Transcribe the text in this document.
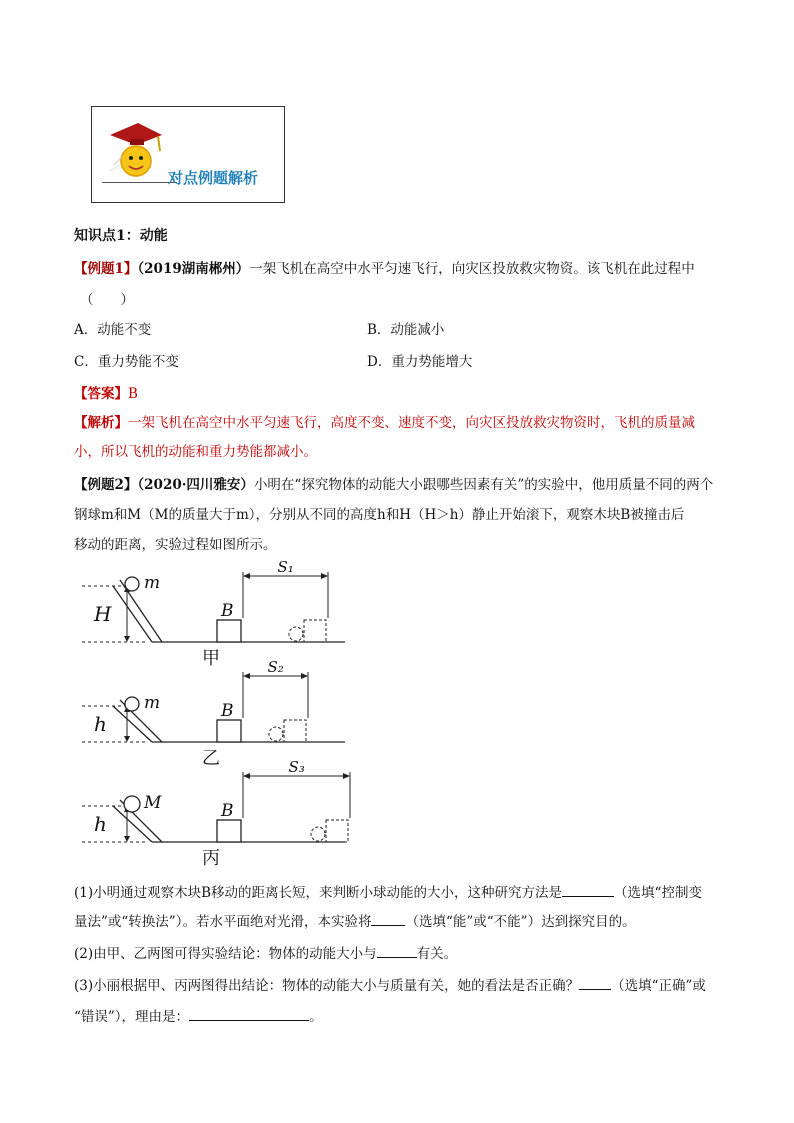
对点例题解析
知识点1：动能
【例题1】（2019湖南郴州）一架飞机在高空中水平匀速飞行，向灾区投放救灾物资。该飞机在此过程中
（　　）
A．动能不变	B．动能减小
C．重力势能不变	D．重力势能增大
【答案】B
【解析】一架飞机在高空中水平匀速飞行，高度不变、速度不变，向灾区投放救灾物资时，飞机的质量减
小，所以飞机的动能和重力势能都减小。
【例题2】（2020·四川雅安）小明在“探究物体的动能大小跟哪些因素有关”的实验中，他用质量不同的两个
钢球m和M（M的质量大于m），分别从不同的高度h和H（H＞h）静止开始滚下，观察木块B被撞击后
移动的距离，实验过程如图所示。
H
m
B
S₁
甲
h
m	B
S₂
乙
h
M	B
S₃
丙
(1)小明通过观察木块B移动的距离长短，来判断小球动能的大小，这种研究方法是	（选填“控制变
量法”或“转换法”）。若水平面绝对光滑，本实验将	（选填“能”或“不能”）达到探究目的。
(2)由甲、乙两图可得实验结论：物体的动能大小与	有关。
(3)小丽根据甲、丙两图得出结论：物体的动能大小与质量有关，她的看法是否正确？ （选填“正确”或
“错误”），理由是：	。
